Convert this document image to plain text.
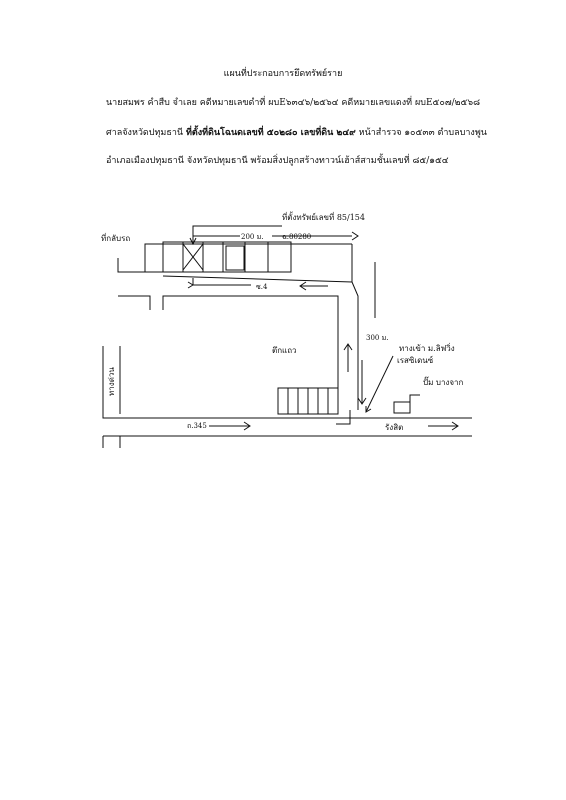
แผนที่ประกอบการยึดทรัพย์ราย
นายสมพร คำสืบ จำเลย คดีหมายเลขดำที่ ผบE๖๓๔๖/๒๕๖๔ คดีหมายเลขแดงที่ ผบE๕๐๗/๒๕๖๘
ศาลจังหวัดปทุมธานี ที่ตั้งที่ดินโฉนดเลขที่ ๕๐๒๘๐ เลขที่ดิน ๒๔๙ หน้าสำรวจ ๑๐๕๓๓ ตำบลบางพูน
อำเภอเมืองปทุมธานี จังหวัดปทุมธานี พร้อมสิ่งปลูกสร้างทาวน์เฮ้าส์สามชั้นเลขที่ ๘๕/๑๕๔
ที่ตั้งทรัพย์เลขที่ 85/154
200 ม.	ฉ.80280
ที่กลับรถ
ซ.4
ตึกแถว
300 ม.
ทางเข้า ม.ลิฟวิ่ง
เรสซิเดนซ์
ปั๊ม บางจาก
ทางด่วน
ถ.345	รังสิต
